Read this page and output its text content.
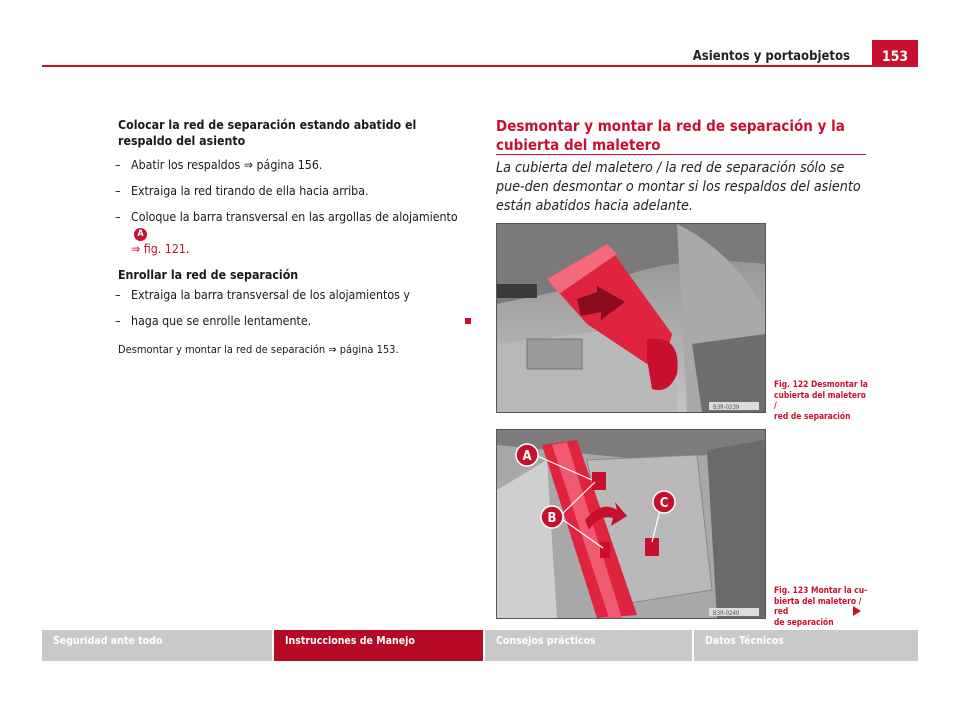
Asientos y portaobjetos	153
Colocar la red de separación estando abatido el respaldo del asiento
– Abatir los respaldos ⇒ página 156.
– Extraiga la red tirando de ella hacia arriba.
– Coloque la barra transversal en las argollas de alojamientoA
⇒ fig. 121.
Enrollar la red de separación
– Extraiga la barra transversal de los alojamientos y
– haga que se enrolle lentamente.
Desmontar y montar la red de separación ⇒ página 153.
Desmontar y montar la red de separación y la cubierta del maletero
La cubierta del maletero / la red de separación sólo se pue-den desmontar o montar si los respaldos del asiento están abatidos hacia adelante.
B3R-0239
Fig. 122 Desmontar la
cubierta del maletero /
red de separación
A
B
C
B3R-0240
Fig. 123 Montar la cu-
bierta del maletero / red
de separación
Seguridad ante todo	Instrucciones de Manejo	Consejos prácticos	Datos Técnicos
